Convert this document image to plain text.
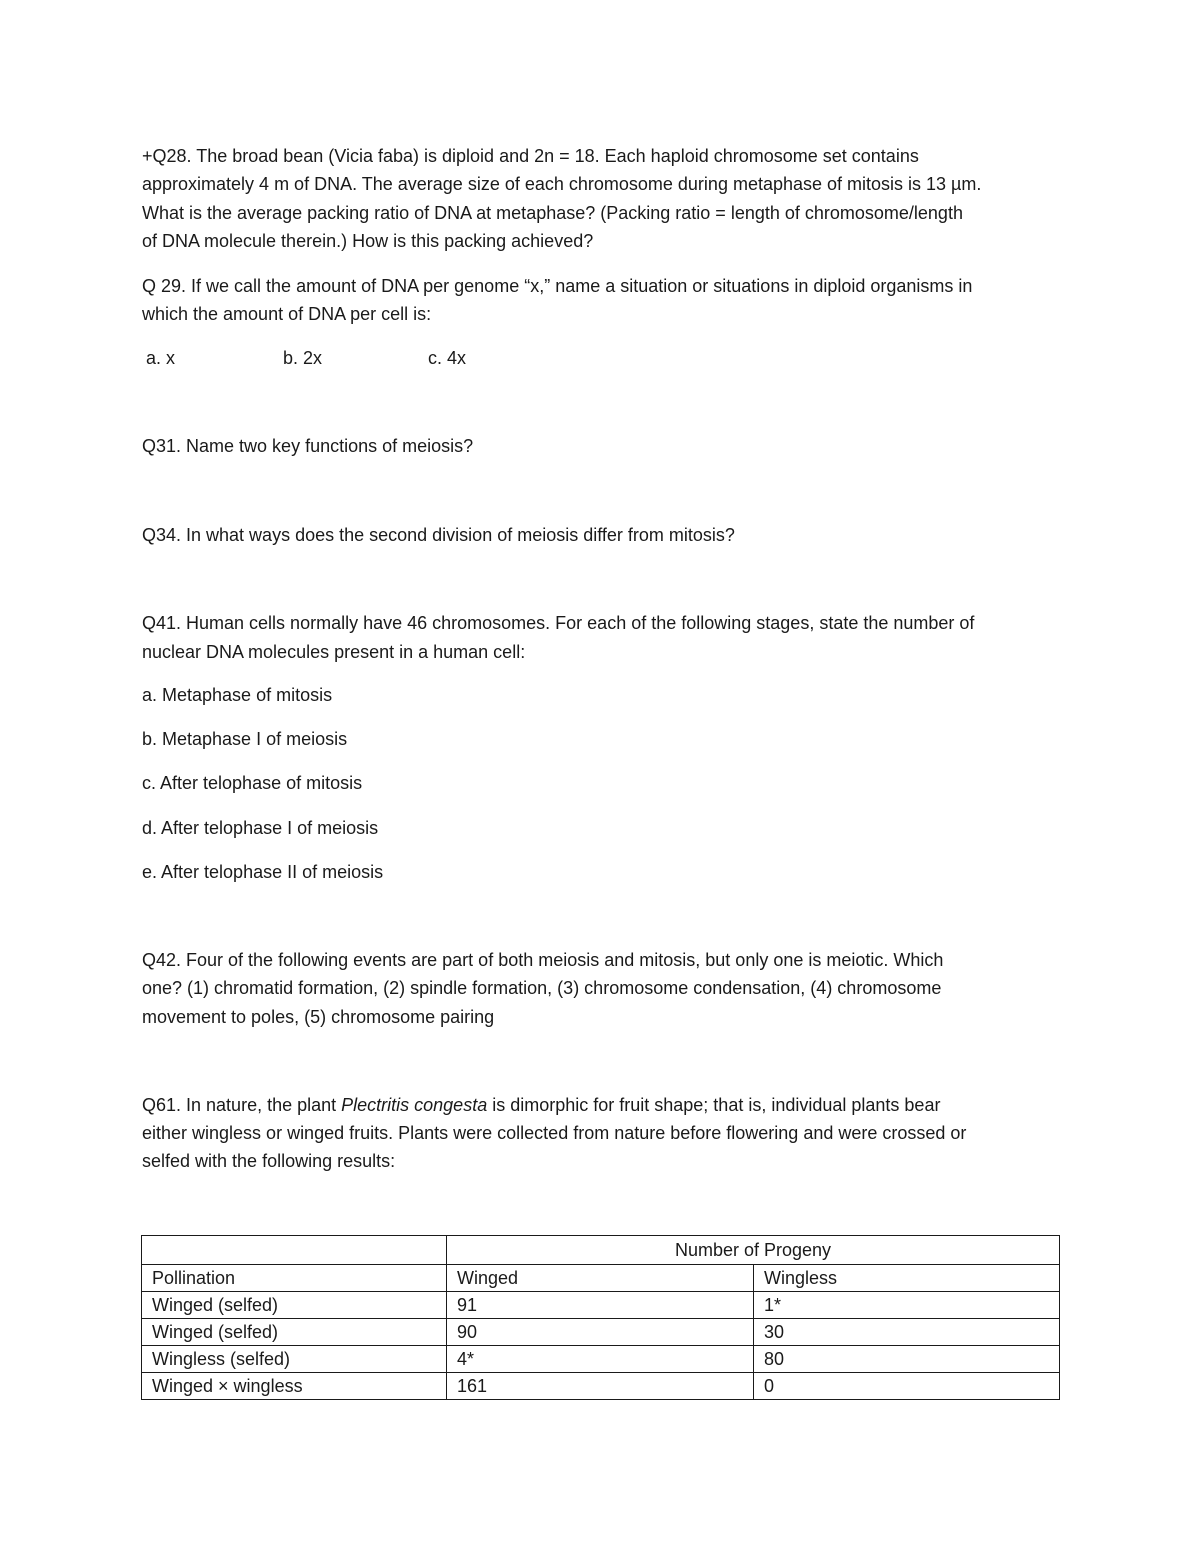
+Q28. The broad bean (Vicia faba) is diploid and 2n = 18. Each haploid chromosome set contains
approximately 4 m of DNA. The average size of each chromosome during metaphase of mitosis is 13 µm.
What is the average packing ratio of DNA at metaphase? (Packing ratio = length of chromosome/length
of DNA molecule therein.) How is this packing achieved?
Q 29. If we call the amount of DNA per genome “x,” name a situation or situations in diploid organisms in
which the amount of DNA per cell is:
a. x	b. 2x	c. 4x
Q31. Name two key functions of meiosis?
Q34. In what ways does the second division of meiosis differ from mitosis?
Q41. Human cells normally have 46 chromosomes. For each of the following stages, state the number of
nuclear DNA molecules present in a human cell:
a. Metaphase of mitosis
b. Metaphase I of meiosis
c. After telophase of mitosis
d. After telophase I of meiosis
e. After telophase II of meiosis
Q42. Four of the following events are part of both meiosis and mitosis, but only one is meiotic. Which
one? (1) chromatid formation, (2) spindle formation, (3) chromosome condensation, (4) chromosome
movement to poles, (5) chromosome pairing
Q61. In nature, the plant Plectritis congesta is dimorphic for fruit shape; that is, individual plants bear
either wingless or winged fruits. Plants were collected from nature before flowering and were crossed or
selfed with the following results:
	Number of Progeny	
Pollination	Winged	Wingless
Winged (selfed)	91	1*
Winged (selfed)	90	30
Wingless (selfed)	4*	80
Winged × wingless	161	0
